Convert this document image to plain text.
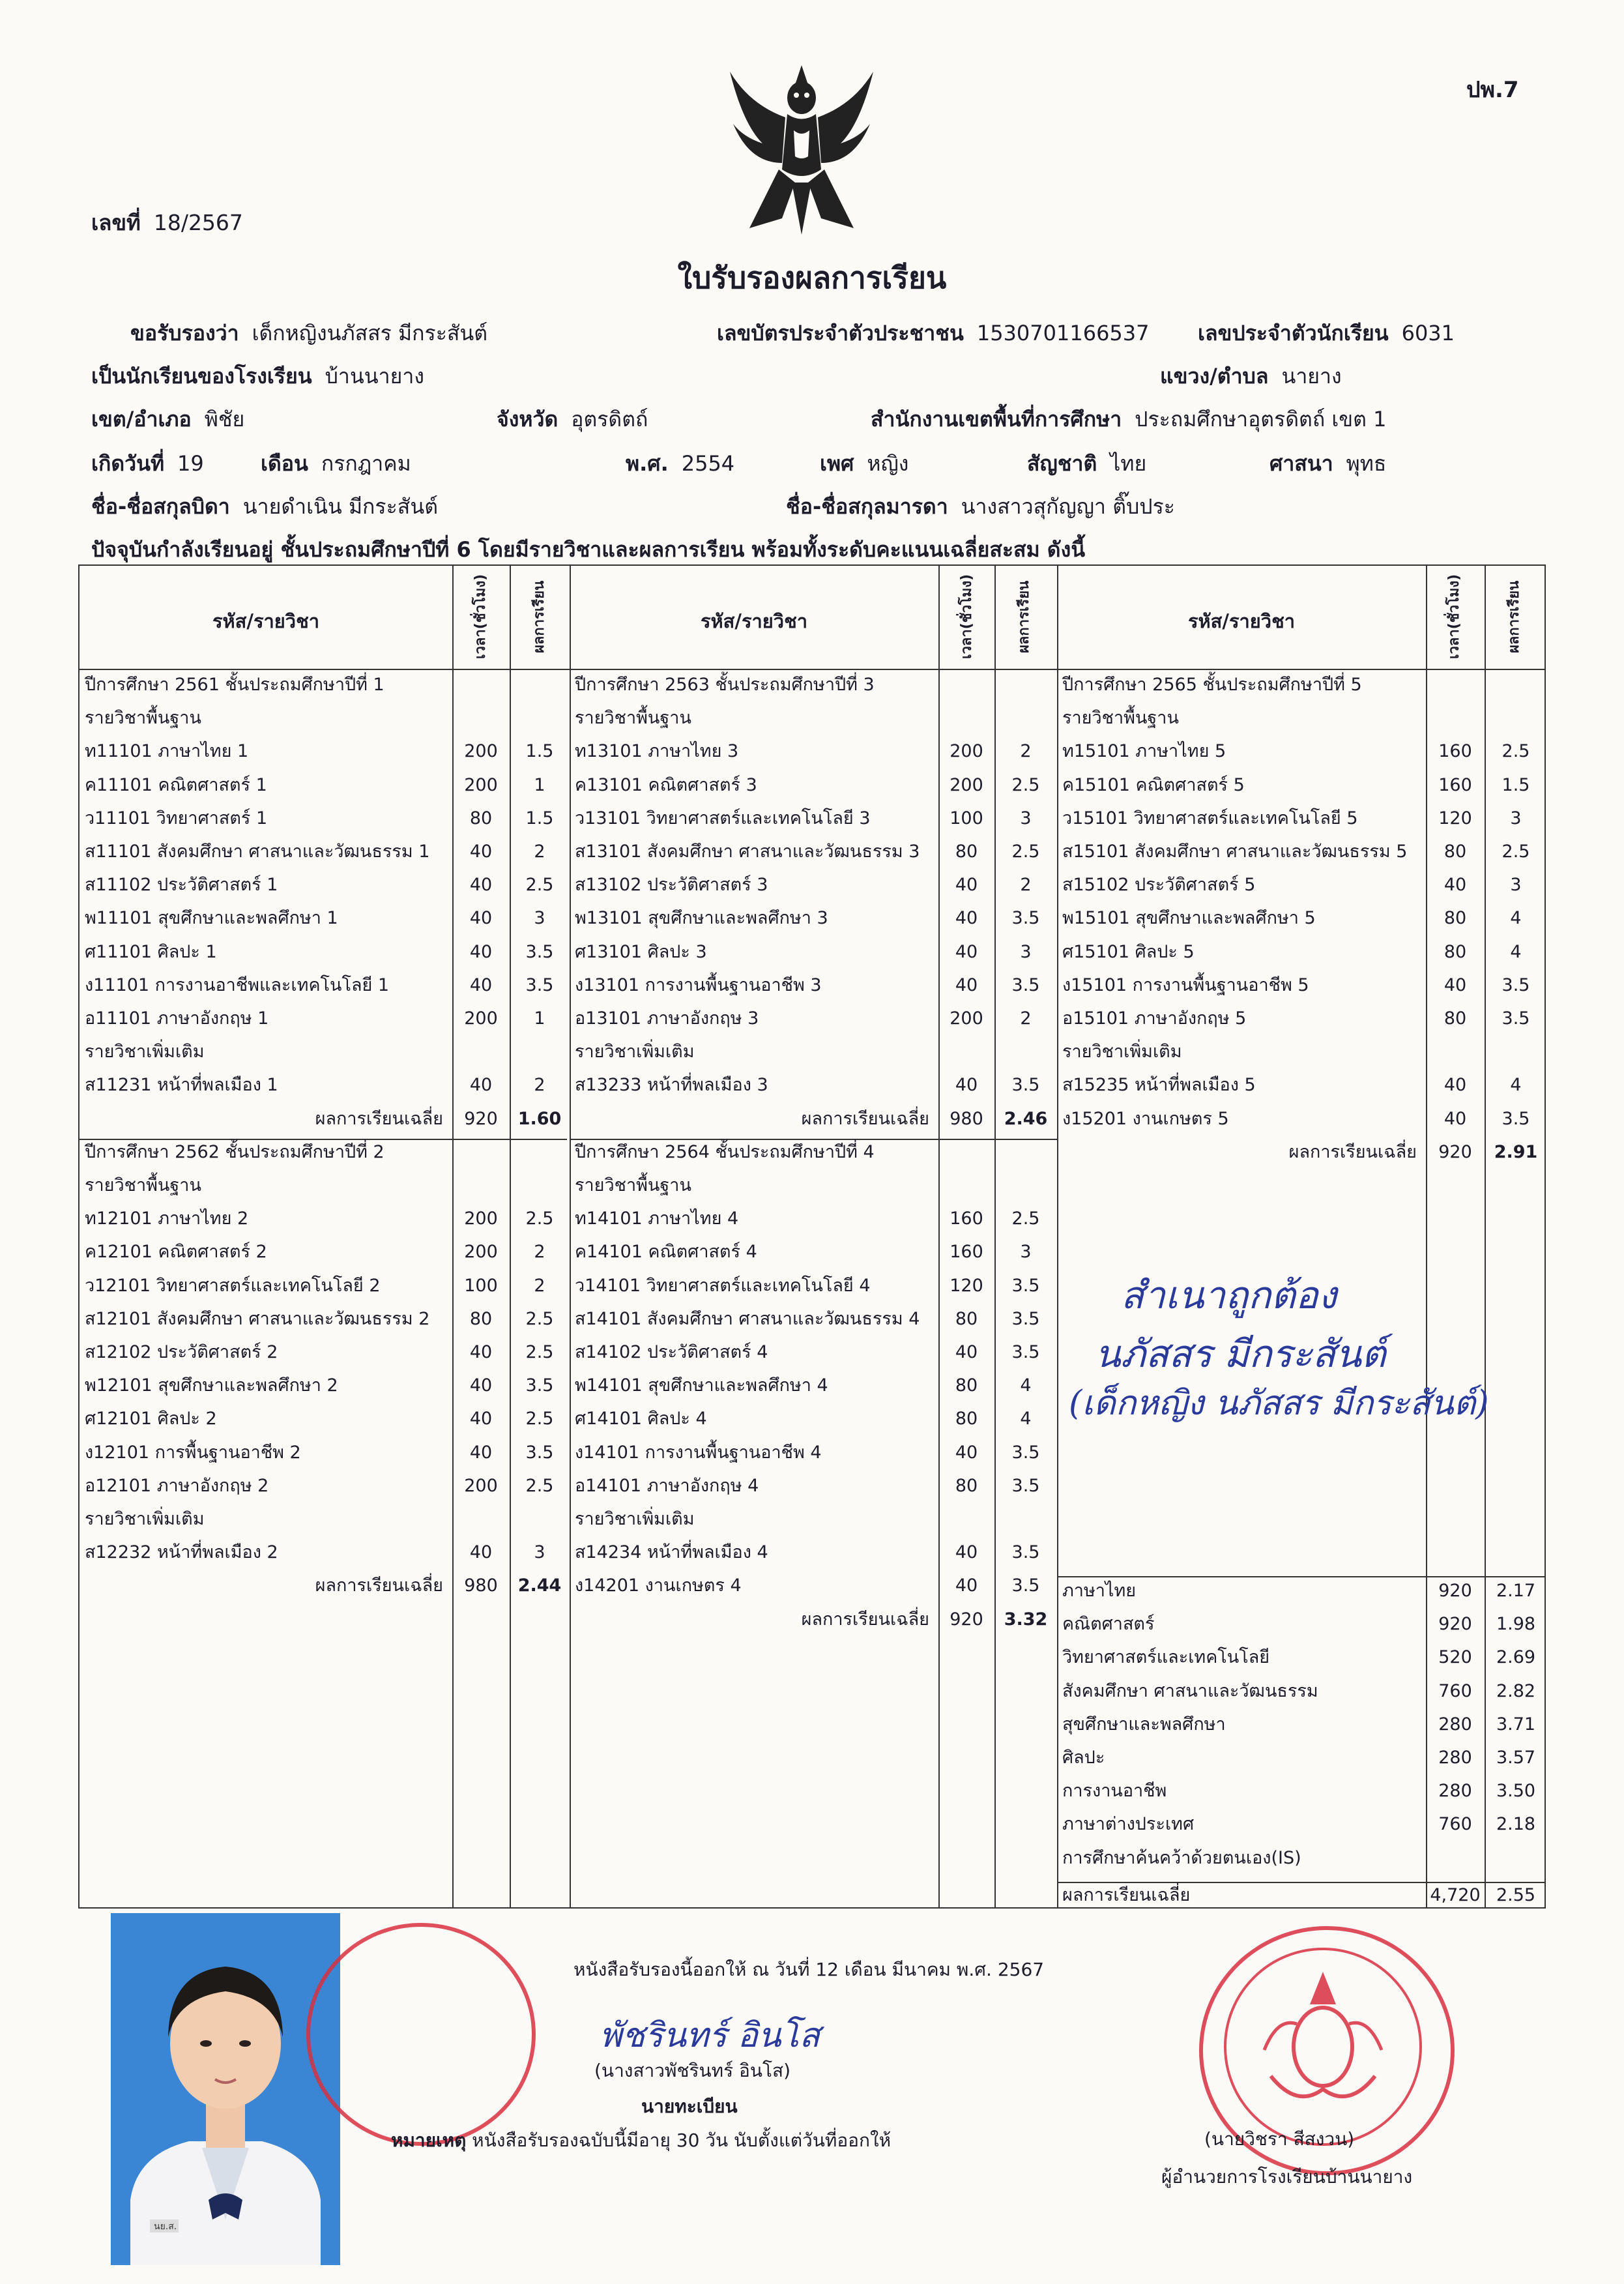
ปพ.7
เลขที่ 18/2567
ใบรับรองผลการเรียน
ขอรับรองว่า เด็กหญิงนภัสสร มีกระสันต์	เลขบัตรประจำตัวประชาชน 1530701166537 เลขประจำตัวนักเรียน 6031
เป็นนักเรียนของโรงเรียน บ้านนายาง	แขวง/ตำบล นายาง
เขต/อำเภอ พิชัย	จังหวัด อุตรดิตถ์	สำนักงานเขตพื้นที่การศึกษา ประถมศึกษาอุตรดิตถ์ เขต 1
เกิดวันที่ 19	เดือน กรกฎาคม	พ.ศ. 2554	เพศ หญิง	สัญชาติ ไทย	ศาสนา พุทธ
ชื่อ-ชื่อสกุลบิดา นายดำเนิน มีกระสันต์	ชื่อ-ชื่อสกุลมารดา นางสาวสุกัญญา ติ๊บประ
ปัจจุบันกำลังเรียนอยู่ ชั้นประถมศึกษาปีที่ 6 โดยมีรายวิชาและผลการเรียน พร้อมทั้งระดับคะแนนเฉลี่ยสะสม ดังนี้
รหัส/รายวิชา	เวลา(ชั่วโมง)	ผลการเรียน	รหัส/รายวิชา	เวลา(ชั่วโมง)	ผลการเรียน	รหัส/รายวิชา	เวลา(ชั่วโมง)	ผลการเรียน
ปีการศึกษา 2561 ชั้นประถมศึกษาปีที่ 1
รายวิชาพื้นฐาน
ท11101 ภาษาไทย 1	200	1.5
ค11101 คณิตศาสตร์ 1	200	1
ว11101 วิทยาศาสตร์ 1	80	1.5
ส11101 สังคมศึกษา ศาสนาและวัฒนธรรม 1	40	2
ส11102 ประวัติศาสตร์ 1	40	2.5
พ11101 สุขศึกษาและพลศึกษา 1	40	3
ศ11101 ศิลปะ 1	40	3.5
ง11101 การงานอาชีพและเทคโนโลยี 1	40	3.5
อ11101 ภาษาอังกฤษ 1	200	1
รายวิชาเพิ่มเติม
ส11231 หน้าที่พลเมือง 1	40	2
ผลการเรียนเฉลี่ย	920	1.60
ปีการศึกษา 2562 ชั้นประถมศึกษาปีที่ 2
รายวิชาพื้นฐาน
ท12101 ภาษาไทย 2	200	2.5
ค12101 คณิตศาสตร์ 2	200	2
ว12101 วิทยาศาสตร์และเทคโนโลยี 2	100	2
ส12101 สังคมศึกษา ศาสนาและวัฒนธรรม 2	80	2.5
ส12102 ประวัติศาสตร์ 2	40	2.5
พ12101 สุขศึกษาและพลศึกษา 2	40	3.5
ศ12101 ศิลปะ 2	40	2.5
ง12101 การพื้นฐานอาชีพ 2	40	3.5
อ12101 ภาษาอังกฤษ 2	200	2.5
รายวิชาเพิ่มเติม
ส12232 หน้าที่พลเมือง 2	40	3
ผลการเรียนเฉลี่ย	980	2.44
ปีการศึกษา 2563 ชั้นประถมศึกษาปีที่ 3
รายวิชาพื้นฐาน
ท13101 ภาษาไทย 3	200	2
ค13101 คณิตศาสตร์ 3	200	2.5
ว13101 วิทยาศาสตร์และเทคโนโลยี 3	100	3
ส13101 สังคมศึกษา ศาสนาและวัฒนธรรม 3	80	2.5
ส13102 ประวัติศาสตร์ 3	40	2
พ13101 สุขศึกษาและพลศึกษา 3	40	3.5
ศ13101 ศิลปะ 3	40	3
ง13101 การงานพื้นฐานอาชีพ 3	40	3.5
อ13101 ภาษาอังกฤษ 3	200	2
รายวิชาเพิ่มเติม
ส13233 หน้าที่พลเมือง 3	40	3.5
ผลการเรียนเฉลี่ย	980	2.46
ปีการศึกษา 2564 ชั้นประถมศึกษาปีที่ 4
รายวิชาพื้นฐาน
ท14101 ภาษาไทย 4	160	2.5
ค14101 คณิตศาสตร์ 4	160	3
ว14101 วิทยาศาสตร์และเทคโนโลยี 4	120	3.5
ส14101 สังคมศึกษา ศาสนาและวัฒนธรรม 4	80	3.5
ส14102 ประวัติศาสตร์ 4	40	3.5
พ14101 สุขศึกษาและพลศึกษา 4	80	4
ศ14101 ศิลปะ 4	80	4
ง14101 การงานพื้นฐานอาชีพ 4	40	3.5
อ14101 ภาษาอังกฤษ 4	80	3.5
รายวิชาเพิ่มเติม
ส14234 หน้าที่พลเมือง 4	40	3.5
ง14201 งานเกษตร 4	40	3.5
ผลการเรียนเฉลี่ย	920	3.32
ปีการศึกษา 2565 ชั้นประถมศึกษาปีที่ 5
รายวิชาพื้นฐาน
ท15101 ภาษาไทย 5	160	2.5
ค15101 คณิตศาสตร์ 5	160	1.5
ว15101 วิทยาศาสตร์และเทคโนโลยี 5	120	3
ส15101 สังคมศึกษา ศาสนาและวัฒนธรรม 5	80	2.5
ส15102 ประวัติศาสตร์ 5	40	3
พ15101 สุขศึกษาและพลศึกษา 5	80	4
ศ15101 ศิลปะ 5	80	4
ง15101 การงานพื้นฐานอาชีพ 5	40	3.5
อ15101 ภาษาอังกฤษ 5	80	3.5
รายวิชาเพิ่มเติม
ส15235 หน้าที่พลเมือง 5	40	4
ง15201 งานเกษตร 5	40	3.5
ผลการเรียนเฉลี่ย	920	2.91
ภาษาไทย	920	2.17
คณิตศาสตร์	920	1.98
วิทยาศาสตร์และเทคโนโลยี	520	2.69
สังคมศึกษา ศาสนาและวัฒนธรรม	760	2.82
สุขศึกษาและพลศึกษา	280	3.71
ศิลปะ	280	3.57
การงานอาชีพ	280	3.50
ภาษาต่างประเทศ	760	2.18
การศึกษาค้นคว้าด้วยตนเอง(IS)
ผลการเรียนเฉลี่ย	4,720 2.55
นย.ส.
สำเนาถูกต้อง
นภัสสร มีกระสันต์
(เด็กหญิง นภัสสร มีกระสันต์)
หนังสือรับรองนี้ออกให้ ณ วันที่ 12 เดือน มีนาคม พ.ศ. 2567
พัชรินทร์ อินโส
(นางสาวพัชรินทร์ อินโส)
นายทะเบียน
หมายเหตุ หนังสือรับรองฉบับนี้มีอายุ 30 วัน นับตั้งแต่วันที่ออกให้	(นายวิชรา สีสงวน)
ผู้อำนวยการโรงเรียนบ้านนายาง
